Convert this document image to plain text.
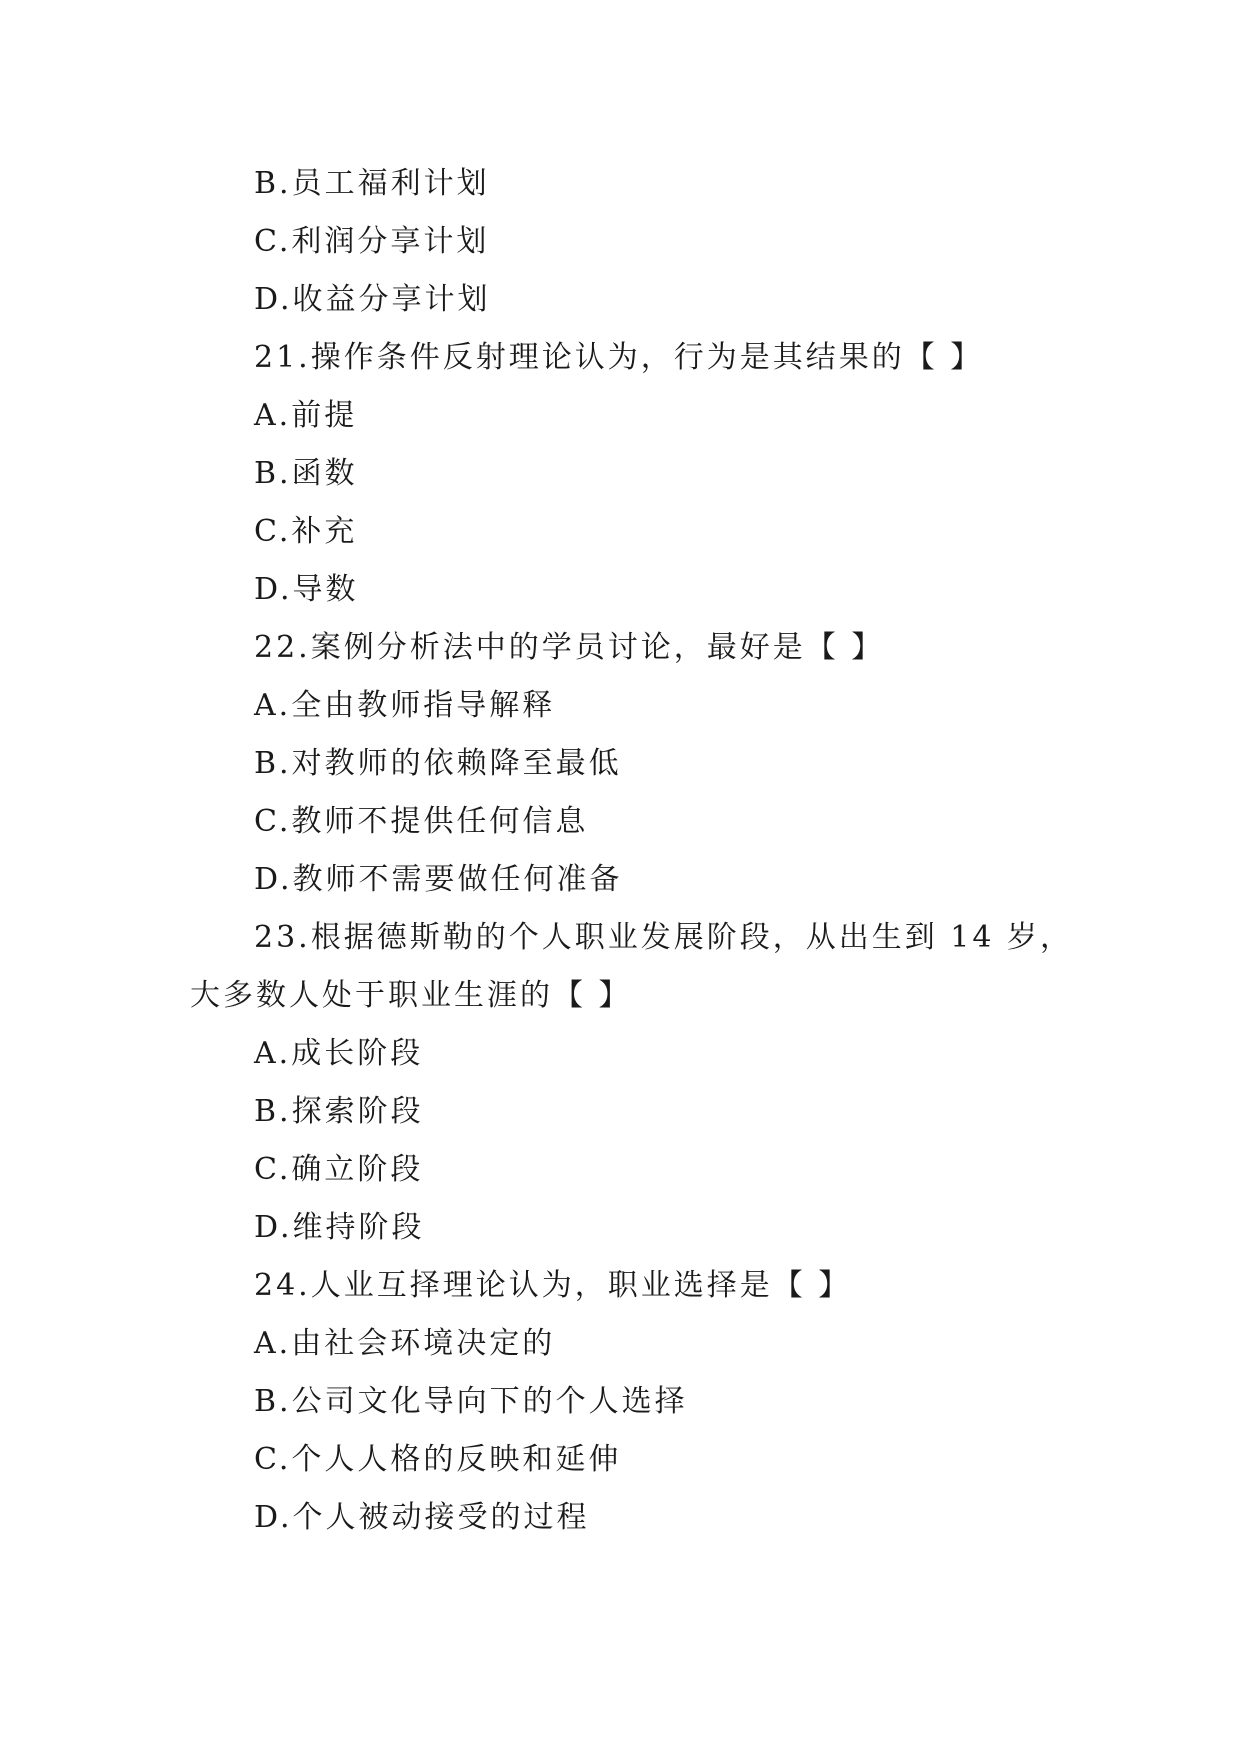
B.员工福利计划
C.利润分享计划
D.收益分享计划
21.操作条件反射理论认为，行为是其结果的【 】
A.前提
B.函数
C.补充
D.导数
22.案例分析法中的学员讨论，最好是【 】
A.全由教师指导解释
B.对教师的依赖降至最低
C.教师不提供任何信息
D.教师不需要做任何准备
23.根据德斯勒的个人职业发展阶段，从出生到 14 岁，
大多数人处于职业生涯的【 】
A.成长阶段
B.探索阶段
C.确立阶段
D.维持阶段
24.人业互择理论认为，职业选择是【 】
A.由社会环境决定的
B.公司文化导向下的个人选择
C.个人人格的反映和延伸
D.个人被动接受的过程
